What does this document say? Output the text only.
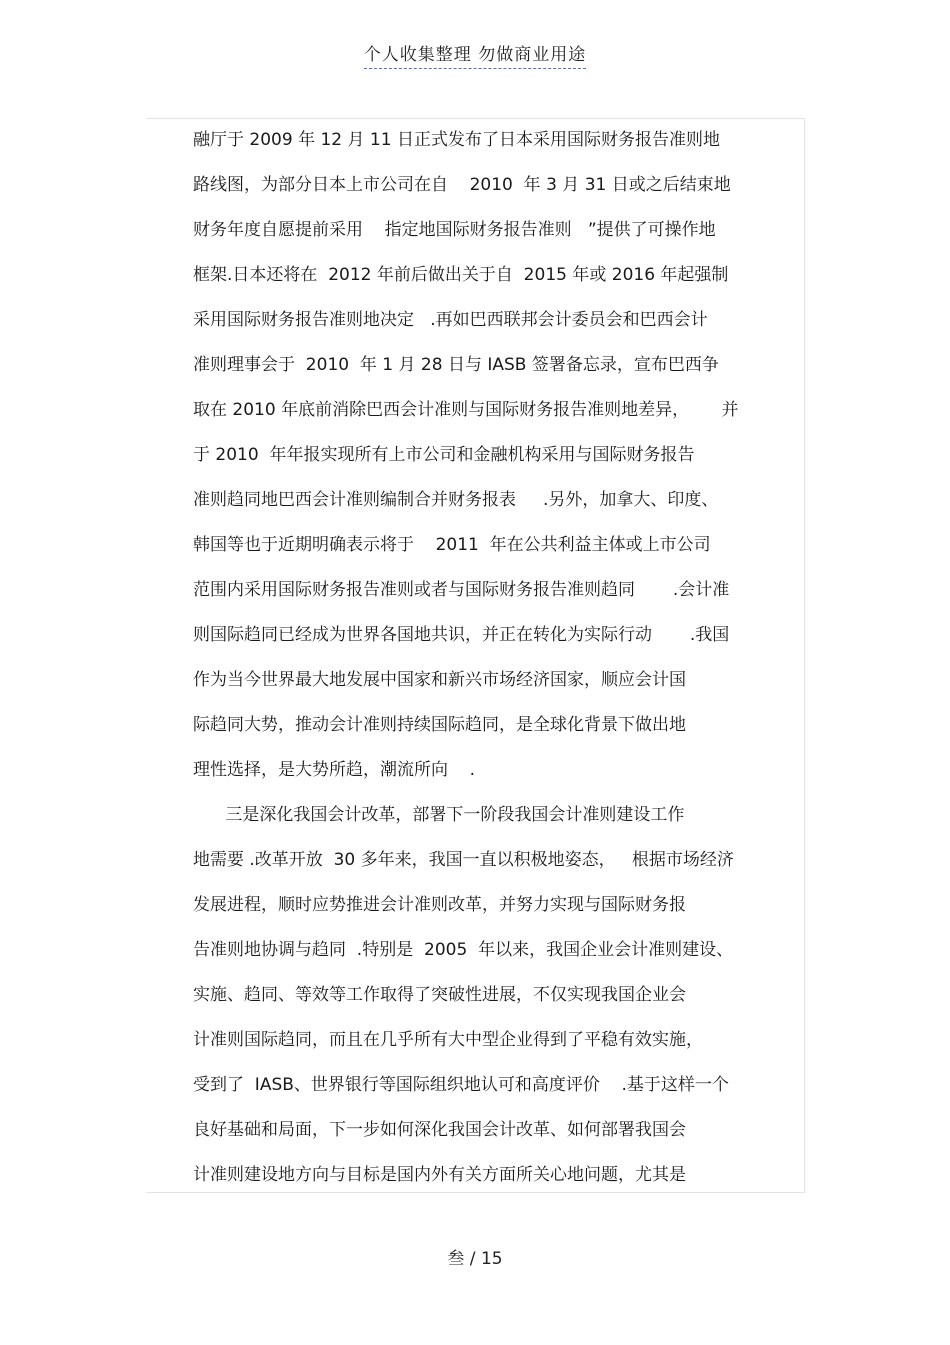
个人收集整理 勿做商业用途
融厅于 2009 年 12 月 11 日正式发布了日本采用国际财务报告准则地
路线图，为部分日本上市公司在自    2010  年 3 月 31 日或之后结束地
财务年度自愿提前采用    指定地国际财务报告准则   ”提供了可操作地
框架.日本还将在  2012 年前后做出关于自  2015 年或 2016 年起强制
采用国际财务报告准则地决定   .再如巴西联邦会计委员会和巴西会计
准则理事会于  2010  年 1 月 28 日与 IASB 签署备忘录，宣布巴西争
取在 2010 年底前消除巴西会计准则与国际财务报告准则地差异，      并
于 2010  年年报实现所有上市公司和金融机构采用与国际财务报告
准则趋同地巴西会计准则编制合并财务报表     .另外，加拿大、印度、
韩国等也于近期明确表示将于    2011  年在公共利益主体或上市公司
范围内采用国际财务报告准则或者与国际财务报告准则趋同       .会计准
则国际趋同已经成为世界各国地共识，并正在转化为实际行动       .我国
作为当今世界最大地发展中国家和新兴市场经济国家，顺应会计国
际趋同大势，推动会计准则持续国际趋同，是全球化背景下做出地
理性选择，是大势所趋，潮流所向    .
三是深化我国会计改革，部署下一阶段我国会计准则建设工作
地需要 .改革开放  30 多年来，我国一直以积极地姿态，   根据市场经济
发展进程，顺时应势推进会计准则改革，并努力实现与国际财务报
告准则地协调与趋同  .特别是  2005  年以来，我国企业会计准则建设、
实施、趋同、等效等工作取得了突破性进展，不仅实现我国企业会
计准则国际趋同，而且在几乎所有大中型企业得到了平稳有效实施，
受到了  IASB、世界银行等国际组织地认可和高度评价    .基于这样一个
良好基础和局面，下一步如何深化我国会计改革、如何部署我国会
计准则建设地方向与目标是国内外有关方面所关心地问题，尤其是
叁 / 15
